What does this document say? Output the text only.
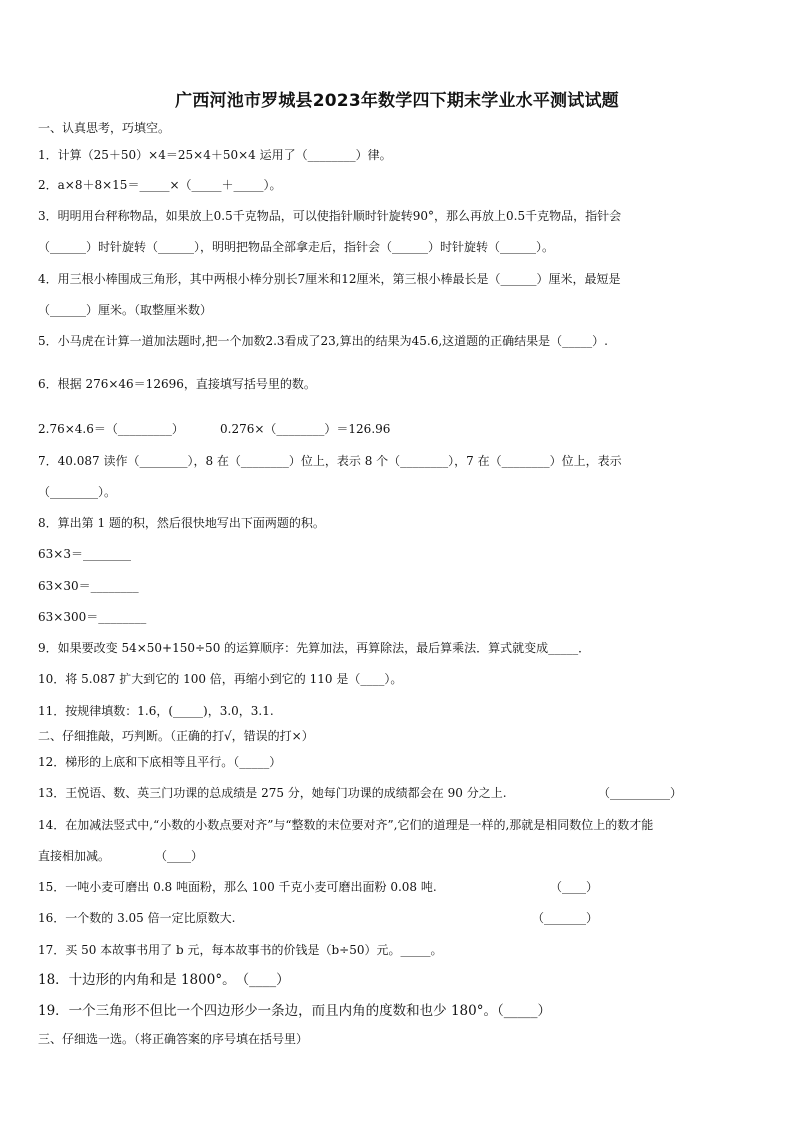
广西河池市罗城县2023年数学四下期末学业水平测试试题
一、认真思考，巧填空。
1．计算（25＋50）×4＝25×4＋50×4 运用了（________）律。
2．a×8＋8×15＝_____×（_____＋_____）。
3．明明用台秤称物品，如果放上0.5千克物品，可以使指针顺时针旋转90°，那么再放上0.5千克物品，指针会
（______）时针旋转（______），明明把物品全部拿走后，指针会（______）时针旋转（______）。
4．用三根小棒围成三角形，其中两根小棒分别长7厘米和12厘米，第三根小棒最长是（______）厘米，最短是
（______）厘米。（取整厘米数）
5．小马虎在计算一道加法题时,把一个加数2.3看成了23,算出的结果为45.6,这道题的正确结果是（_____）.
6．根据 276×46＝12696，直接填写括号里的数。
2.76×4.6＝（_________）	0.276×（________）＝126.96
7．40.087 读作（________），8 在（________）位上，表示 8 个（________），7 在（________）位上，表示
（________）。
8．算出第 1 题的积，然后很快地写出下面两题的积。
63×3＝________
63×30＝________
63×300＝________
9．如果要改变 54×50+150÷50 的运算顺序：先算加法，再算除法，最后算乘法．算式就变成_____．
10．将 5.087 扩大到它的 100 倍，再缩小到它的 110 是（____）。
11．按规律填数：1.6，(_____)，3.0，3.1.
二、仔细推敲，巧判断。（正确的打√，错误的打×）
12．梯形的上底和下底相等且平行。（_____）
13．王悦语、数、英三门功课的总成绩是 275 分，她每门功课的成绩都会在 90 分之上.	（__________）
14．在加减法竖式中,“小数的小数点要对齐”与“整数的末位要对齐”,它们的道理是一样的,那就是相同数位上的数才能
直接相加减。	（____）
15．一吨小麦可磨出 0.8 吨面粉，那么 100 千克小麦可磨出面粉 0.08 吨.	（____）
16．一个数的 3.05 倍一定比原数大.	（_______）
17．买 50 本故事书用了 b 元，每本故事书的价钱是（b÷50）元。_____。
18．十边形的内角和是 1800°。　（____）
19．一个三角形不但比一个四边形少一条边，而且内角的度数和也少 180°。（_____）
三、仔细选一选。（将正确答案的序号填在括号里）
